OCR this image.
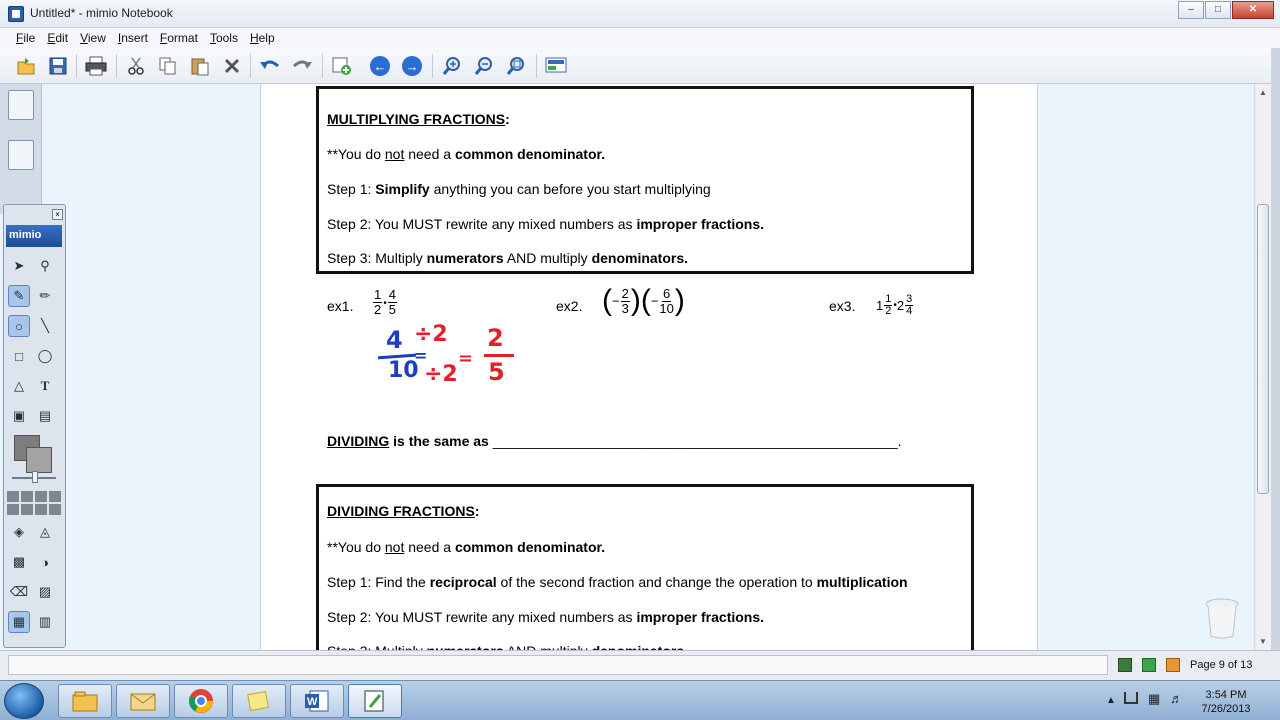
Untitled* - mimio Notebook	–	□	✕
File	Edit	View	Insert	Format	Tools	Help
← →
MULTIPLYING FRACTIONS:
**You do not need a common denominator.
Step 1: Simplify anything you can before you start multiplying
Step 2: You MUST rewrite any mixed numbers as improper fractions.
Step 3: Multiply numerators AND multiply denominators.
ex1. $\frac{1}{2}$ • $\frac{4}{5}$	ex2. (− $\frac{2}{3}$ )(− $\frac{6}{10}$ )	ex3. $1 \frac{1}{2}$ •2 $\frac{3}{4}$
4
10
÷2
=
÷2
=
2
5
DIVIDING is the same as ____________________________________________________.
DIVIDING FRACTIONS:
**You do not need a common denominator.
Step 1: Find the reciprocal of the second fraction and change the operation to multiplication
Step 2: You MUST rewrite any mixed numbers as improper fractions.
▲
▼
×
mimio
➤	⚲
✎	✏
○	╲
□	◯
△	T
▣	▤
◈	◬
▩	◑
⌫ ▨
▦	▥
Page 9 of 13
W	▲ ▦ ♬	3:54 PM
7/26/2013
